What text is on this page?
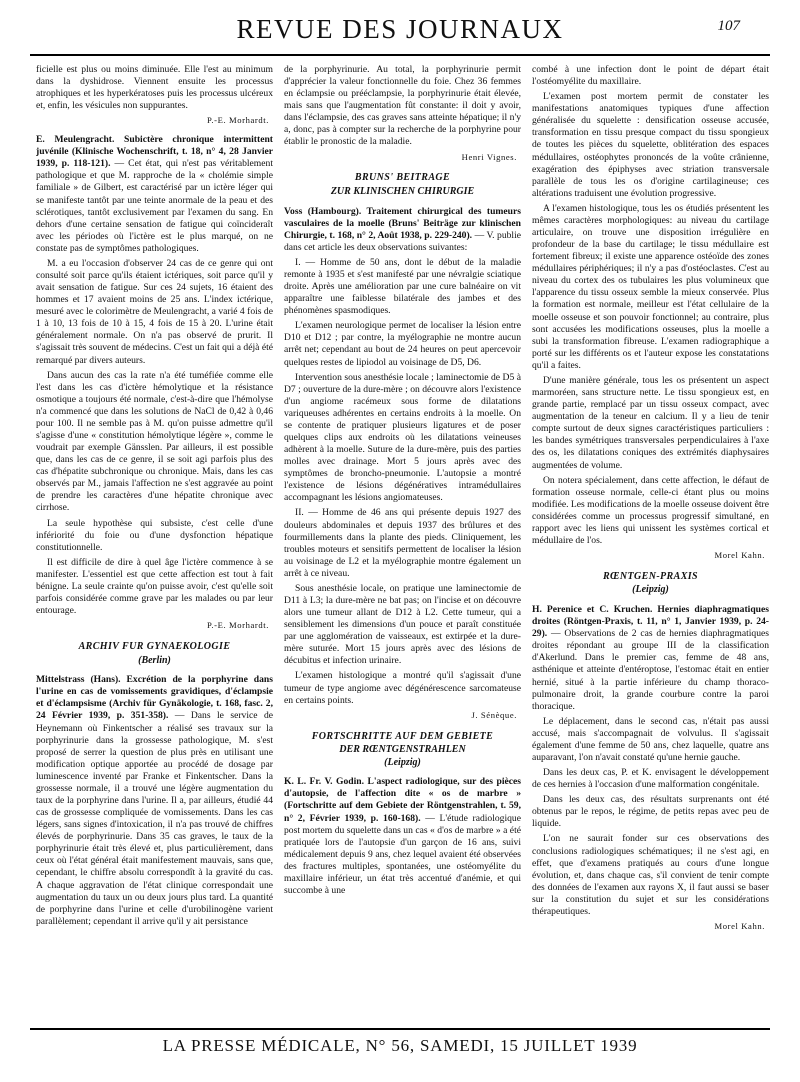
REVUE DES JOURNAUX	107

ficielle est plus ou moins diminuée. Elle l'est au minimum dans la dyshidrose. Viennent ensuite les processus atrophiques et les hyperkératoses puis les processus ulcéreux et, enfin, les vésicules non suppurantes.

P.-E. Morhardt.

E. Meulengracht. Subictère chronique intermittent juvénile (Klinische Wochenschrift, t. 18, n° 4, 28 Janvier 1939, p. 118-121). — Cet état, qui n'est pas véritablement pathologique et que M. rapproche de la « cholémie simple familiale » de Gilbert, est caractérisé par un ictère léger qui se manifeste tantôt par une teinte anormale de la peau et des sclérotiques, tantôt exclusivement par l'examen du sang. En dehors d'une certaine sensation de fatigue qui coïncideraît avec les périodes où l'ictère est le plus marqué, on ne constate pas de symptômes pathologiques.

M. a eu l'occasion d'observer 24 cas de ce genre qui ont consulté soit parce qu'ils étaient ictériques, soit parce qu'il y avait sensation de fatigue. Sur ces 24 sujets, 16 étaient des hommes et 17 avaient moins de 25 ans. L'index ictérique, mesuré avec le colorimètre de Meulengracht, a varié 4 fois de 1 à 10, 13 fois de 10 à 15, 4 fois de 15 à 20. L'urine était généralement normale. On n'a pas observé de prurit. Il s'agissait très souvent de médecins. C'est un fait qui a déjà été remarqué par divers auteurs.

Dans aucun des cas la rate n'a été tuméfiée comme elle l'est dans les cas d'ictère hémolytique et la résistance osmotique a toujours été normale, c'est-à-dire que l'hémolyse n'a commencé que dans les solutions de NaCl de 0,42 à 0,46 pour 100. Il ne semble pas à M. qu'on puisse admettre qu'il s'agisse d'une « constitution hémolytique légère », comme le voudrait par exemple Gänsslen. Par ailleurs, il est possible que, dans les cas de ce genre, il se soit agi parfois plus des cas d'hépatite subchronique ou chronique. Mais, dans les cas observés par M., jamais l'affection ne s'est aggravée au point de prendre les caractères d'une hépatite chronique avec cirrhose.

La seule hypothèse qui subsiste, c'est celle d'une infériorité du foie ou d'une dysfonction hépatique constitutionnelle.

Il est difficile de dire à quel âge l'ictère commence à se manifester. L'essentiel est que cette affection est tout à fait bénigne. La seule crainte qu'on puisse avoir, c'est qu'elle soit parfois considérée comme grave par les malades ou par leur entourage.

P.-E. Morhardt.
ARCHIV FUR GYNAEKOLOGIE
(Berlin)

Mittelstrass (Hans). Excrétion de la porphyrine dans l'urine en cas de vomissements gravidiques, d'éclampsie et d'éclampsisme (Archiv für Gynäkologie, t. 168, fasc. 2, 24 Février 1939, p. 351-358). — Dans le service de Heynemann où Finkentscher a réalisé ses travaux sur la porphyrinurie dans la grossesse pathologique, M. s'est proposé de serrer la question de plus près en utilisant une modification optique apportée au procédé de dosage par luminescence inventé par Franke et Finkentscher. Dans la grossesse normale, il a trouvé une légère augmentation du taux de la porphyrine dans l'urine. Il a, par ailleurs, étudié 44 cas de grossesse compliquée de vomissements. Dans les cas légers, sans signes d'intoxication, il n'a pas trouvé de chiffres élevés de porphyrinurie. Dans 35 cas graves, le taux de la porphyrinurie était très élevé et, plus particulièrement, dans ceux où l'état général était manifestement mauvais, sans que, cependant, le chiffre absolu correspondît à la gravité du cas. A chaque aggravation de l'état clinique correspondait une augmentation du taux un ou deux jours plus tard. La quantité de porphyrine dans l'urine et celle d'urobilinogène varient parallèlement; cependant il arrive qu'il y ait persistance

de la porphyrinurie. Au total, la porphyrinurie permit d'apprécier la valeur fonctionnelle du foie. Chez 36 femmes en éclampsie ou prééclampsie, la porphyrinurie était élevée, mais sans que l'augmentation fût constante: il doit y avoir, dans l'éclampsie, des cas graves sans atteinte hépatique; il n'y a, donc, pas à compter sur la recherche de la porphyrine pour établir le pronostic de la maladie.

Henri Vignes.
BRUNS' BEITRAGE
ZUR KLINISCHEN CHIRURGIE

Voss (Hambourg). Traitement chirurgical des tumeurs vasculaires de la moelle (Bruns' Beiträge zur klinischen Chirurgie, t. 168, n° 2, Août 1938, p. 229-240). — V. publie dans cet article les deux observations suivantes:

I. — Homme de 50 ans, dont le début de la maladie remonte à 1935 et s'est manifesté par une névralgie sciatique droite. Après une amélioration par une cure balnéaire on vit apparaître une faiblesse bilatérale des jambes et des phénomènes spasmodiques.

L'examen neurologique permet de localiser la lésion entre D10 et D12 ; par contre, la myélographie ne montre aucun arrêt net; cependant au bout de 24 heures on peut apercevoir quelques restes de lipiodol au voisinage de D5, D6.

Intervention sous anesthésie locale ; laminectomie de D5 à D7 ; ouverture de la dure-mère ; on découvre alors l'existence d'un angiome racémeux sous forme de dilatations variqueuses adhérentes en certains endroits à la moelle. On se contente de pratiquer plusieurs ligatures et de poser quelques clips aux endroits où les dilatations veineuses adhèrent à la moelle. Suture de la dure-mère, puis des parties molles avec drainage. Mort 5 jours après avec des symptômes de broncho-pneumonie. L'autopsie a montré l'existence de lésions dégénératives intramédullaires accompagnant les lésions angiomateuses.

II. — Homme de 46 ans qui présente depuis 1927 des douleurs abdominales et depuis 1937 des brûlures et des fourmillements dans la plante des pieds. Cliniquement, les troubles moteurs et sensitifs permettent de localiser la lésion au voisinage de L2 et la myélographie montre également un arrêt à ce niveau.

Sous anesthésie locale, on pratique une laminectomie de D11 à L3; la dure-mère ne bat pas; on l'incise et on découvre alors une tumeur allant de D12 à L2. Cette tumeur, qui a sensiblement les dimensions d'un pouce et paraît constituée par une agglomération de vaisseaux, est extirpée et la dure-mère suturée. Mort 15 jours après avec des lésions de décubitus et infection urinaire.

L'examen histologique a montré qu'il s'agissait d'une tumeur de type angiome avec dégénérescence sarcomateuse en certains points.

J. Sénèque.
FORTSCHRITTE AUF DEM GEBIETE
DER RŒNTGENSTRAHLEN
(Leipzig)

K. L. Fr. V. Godin. L'aspect radiologique, sur des pièces d'autopsie, de l'affection dite « os de marbre » (Fortschritte auf dem Gebiete der Röntgenstrahlen, t. 59, n° 2, Février 1939, p. 160-168). — L'étude radiologique post mortem du squelette dans un cas « d'os de marbre » a été pratiquée lors de l'autopsie d'un garçon de 16 ans, suivi médicalement depuis 9 ans, chez lequel avaient été observées des fractures multiples, spontanées, une ostéomyélite du maxillaire inférieur, un état très accentué d'anémie, et qui succombe à une

combé à une infection dont le point de départ était l'ostéomyélite du maxillaire.

L'examen post mortem permit de constater les manifestations anatomiques typiques d'une affection généralisée du squelette : densification osseuse accusée, transformation en tissu presque compact du tissu spongieux de toutes les pièces du squelette, oblitération des espaces médullaires, ostéophytes prononcés de la voûte crânienne, exagération des épiphyses avec striation transversale parallèle de tous les os d'origine cartilagineuse; ces altérations traduisent une évolution progressive.

A l'examen histologique, tous les os étudiés présentent les mêmes caractères morphologiques: au niveau du cartilage articulaire, on trouve une disposition irrégulière en profondeur de la base du cartilage; le tissu médullaire est fortement fibreux; il existe une apparence ostéoïde des zones médullaires périphériques; il n'y a pas d'ostéoclastes. C'est au niveau du cortex des os tubulaires les plus volumineux que l'apparence du tissu osseux semble la mieux conservée. Plus la formation est normale, meilleur est l'état cellulaire de la moelle osseuse et son pouvoir fonctionnel; au contraire, plus sont accusées les modifications osseuses, plus la moelle a subi la transformation fibreuse. L'examen radiographique a porté sur les différents os et l'auteur expose les constatations qu'il a faites.

D'une manière générale, tous les os présentent un aspect marmoréen, sans structure nette. Le tissu spongieux est, en grande partie, remplacé par un tissu osseux compact, avec augmentation de la teneur en calcium. Il y a lieu de tenir compte surtout de deux signes caractéristiques particuliers : les bandes symétriques transversales perpendiculaires à l'axe des os, les dilatations coniques des extrémités diaphysaires augmentées de volume.

On notera spécialement, dans cette affection, le défaut de formation osseuse normale, celle-ci étant plus ou moins modifiée. Les modifications de la moelle osseuse doivent être considérées comme un processus progressif simultané, en rapport avec les liens qui unissent les systèmes cortical et médullaire de l'os.

Morel Kahn.
RŒNTGEN-PRAXIS
(Leipzig)

H. Perenice et C. Kruchen. Hernies diaphragmatiques droites (Röntgen-Praxis, t. 11, n° 1, Janvier 1939, p. 24-29). — Observations de 2 cas de hernies diaphragmatiques droites répondant au groupe III de la classification d'Akerlund. Dans le premier cas, femme de 48 ans, asthénique et atteinte d'entéroptose, l'estomac était en entier hernié, situé à la partie inférieure du champ thoraco-pulmonaire droit, la grande courbure contre la paroi thoracique.

Le déplacement, dans le second cas, n'était pas aussi accusé, mais s'accompagnait de volvulus. Il s'agissait également d'une femme de 50 ans, chez laquelle, quatre ans auparavant, l'on n'avait constaté qu'une hernie gauche.

Dans les deux cas, P. et K. envisagent le développement de ces hernies à l'occasion d'une malformation congénitale.

Dans les deux cas, des résultats surprenants ont été obtenus par le repos, le régime, de petits repas avec peu de liquide.

L'on ne saurait fonder sur ces observations des conclusions radiologiques schématiques; il ne s'est agi, en effet, que d'examens pratiqués au cours d'une longue évolution, et, dans chaque cas, s'il convient de tenir compte des données de l'examen aux rayons X, il faut aussi se baser sur la constitution du sujet et sur les considérations thérapeutiques.

Morel Kahn.
LA PRESSE MÉDICALE, N° 56, SAMEDI, 15 JUILLET 1939
